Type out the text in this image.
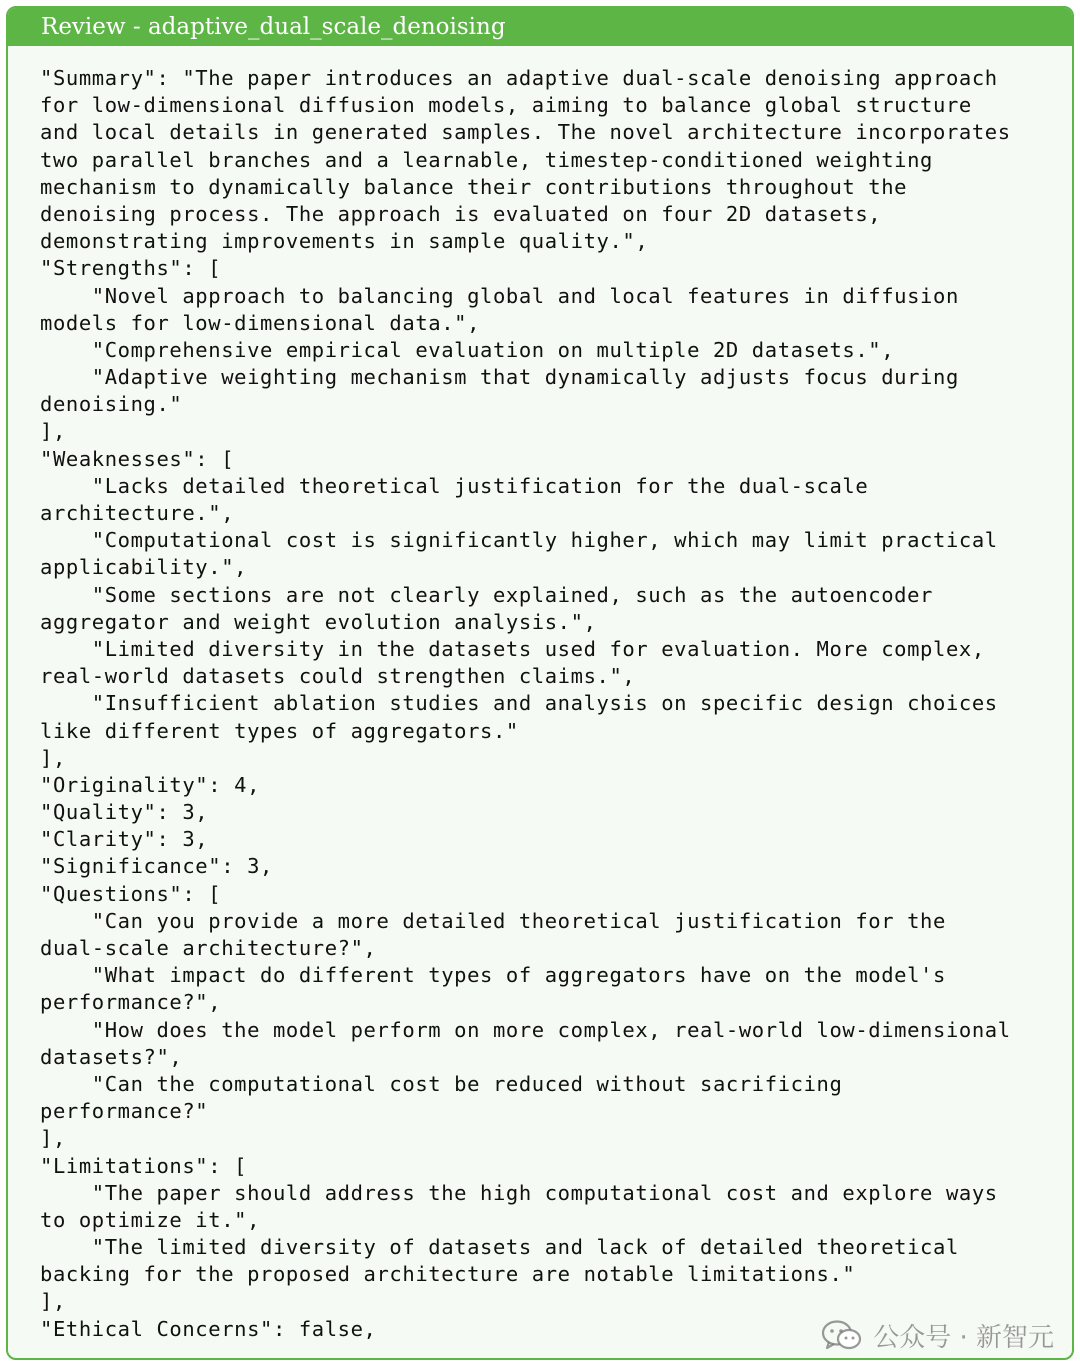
Review - adaptive_dual_scale_denoising
"Summary": "The paper introduces an adaptive dual-scale denoising approach
for low-dimensional diffusion models, aiming to balance global structure
and local details in generated samples. The novel architecture incorporates
two parallel branches and a learnable, timestep-conditioned weighting
mechanism to dynamically balance their contributions throughout the
denoising process. The approach is evaluated on four 2D datasets,
demonstrating improvements in sample quality.",
"Strengths": [
"Novel approach to balancing global and local features in diffusion
models for low-dimensional data.",
"Comprehensive empirical evaluation on multiple 2D datasets.",
"Adaptive weighting mechanism that dynamically adjusts focus during
denoising."
],
"Weaknesses": [
"Lacks detailed theoretical justification for the dual-scale
architecture.",
"Computational cost is significantly higher, which may limit practical
applicability.",
"Some sections are not clearly explained, such as the autoencoder
aggregator and weight evolution analysis.",
"Limited diversity in the datasets used for evaluation. More complex,
real-world datasets could strengthen claims.",
"Insufficient ablation studies and analysis on specific design choices
like different types of aggregators."
],
"Originality": 4,
"Quality": 3,
"Clarity": 3,
"Significance": 3,
"Questions": [
"Can you provide a more detailed theoretical justification for the
dual-scale architecture?",
"What impact do different types of aggregators have on the model's
performance?",
"How does the model perform on more complex, real-world low-dimensional
datasets?",
"Can the computational cost be reduced without sacrificing
performance?"
],
"Limitations": [
"The paper should address the high computational cost and explore ways
to optimize it.",
"The limited diversity of datasets and lack of detailed theoretical
backing for the proposed architecture are notable limitations."
],
"Ethical Concerns": false,	公众号 · 新智元
